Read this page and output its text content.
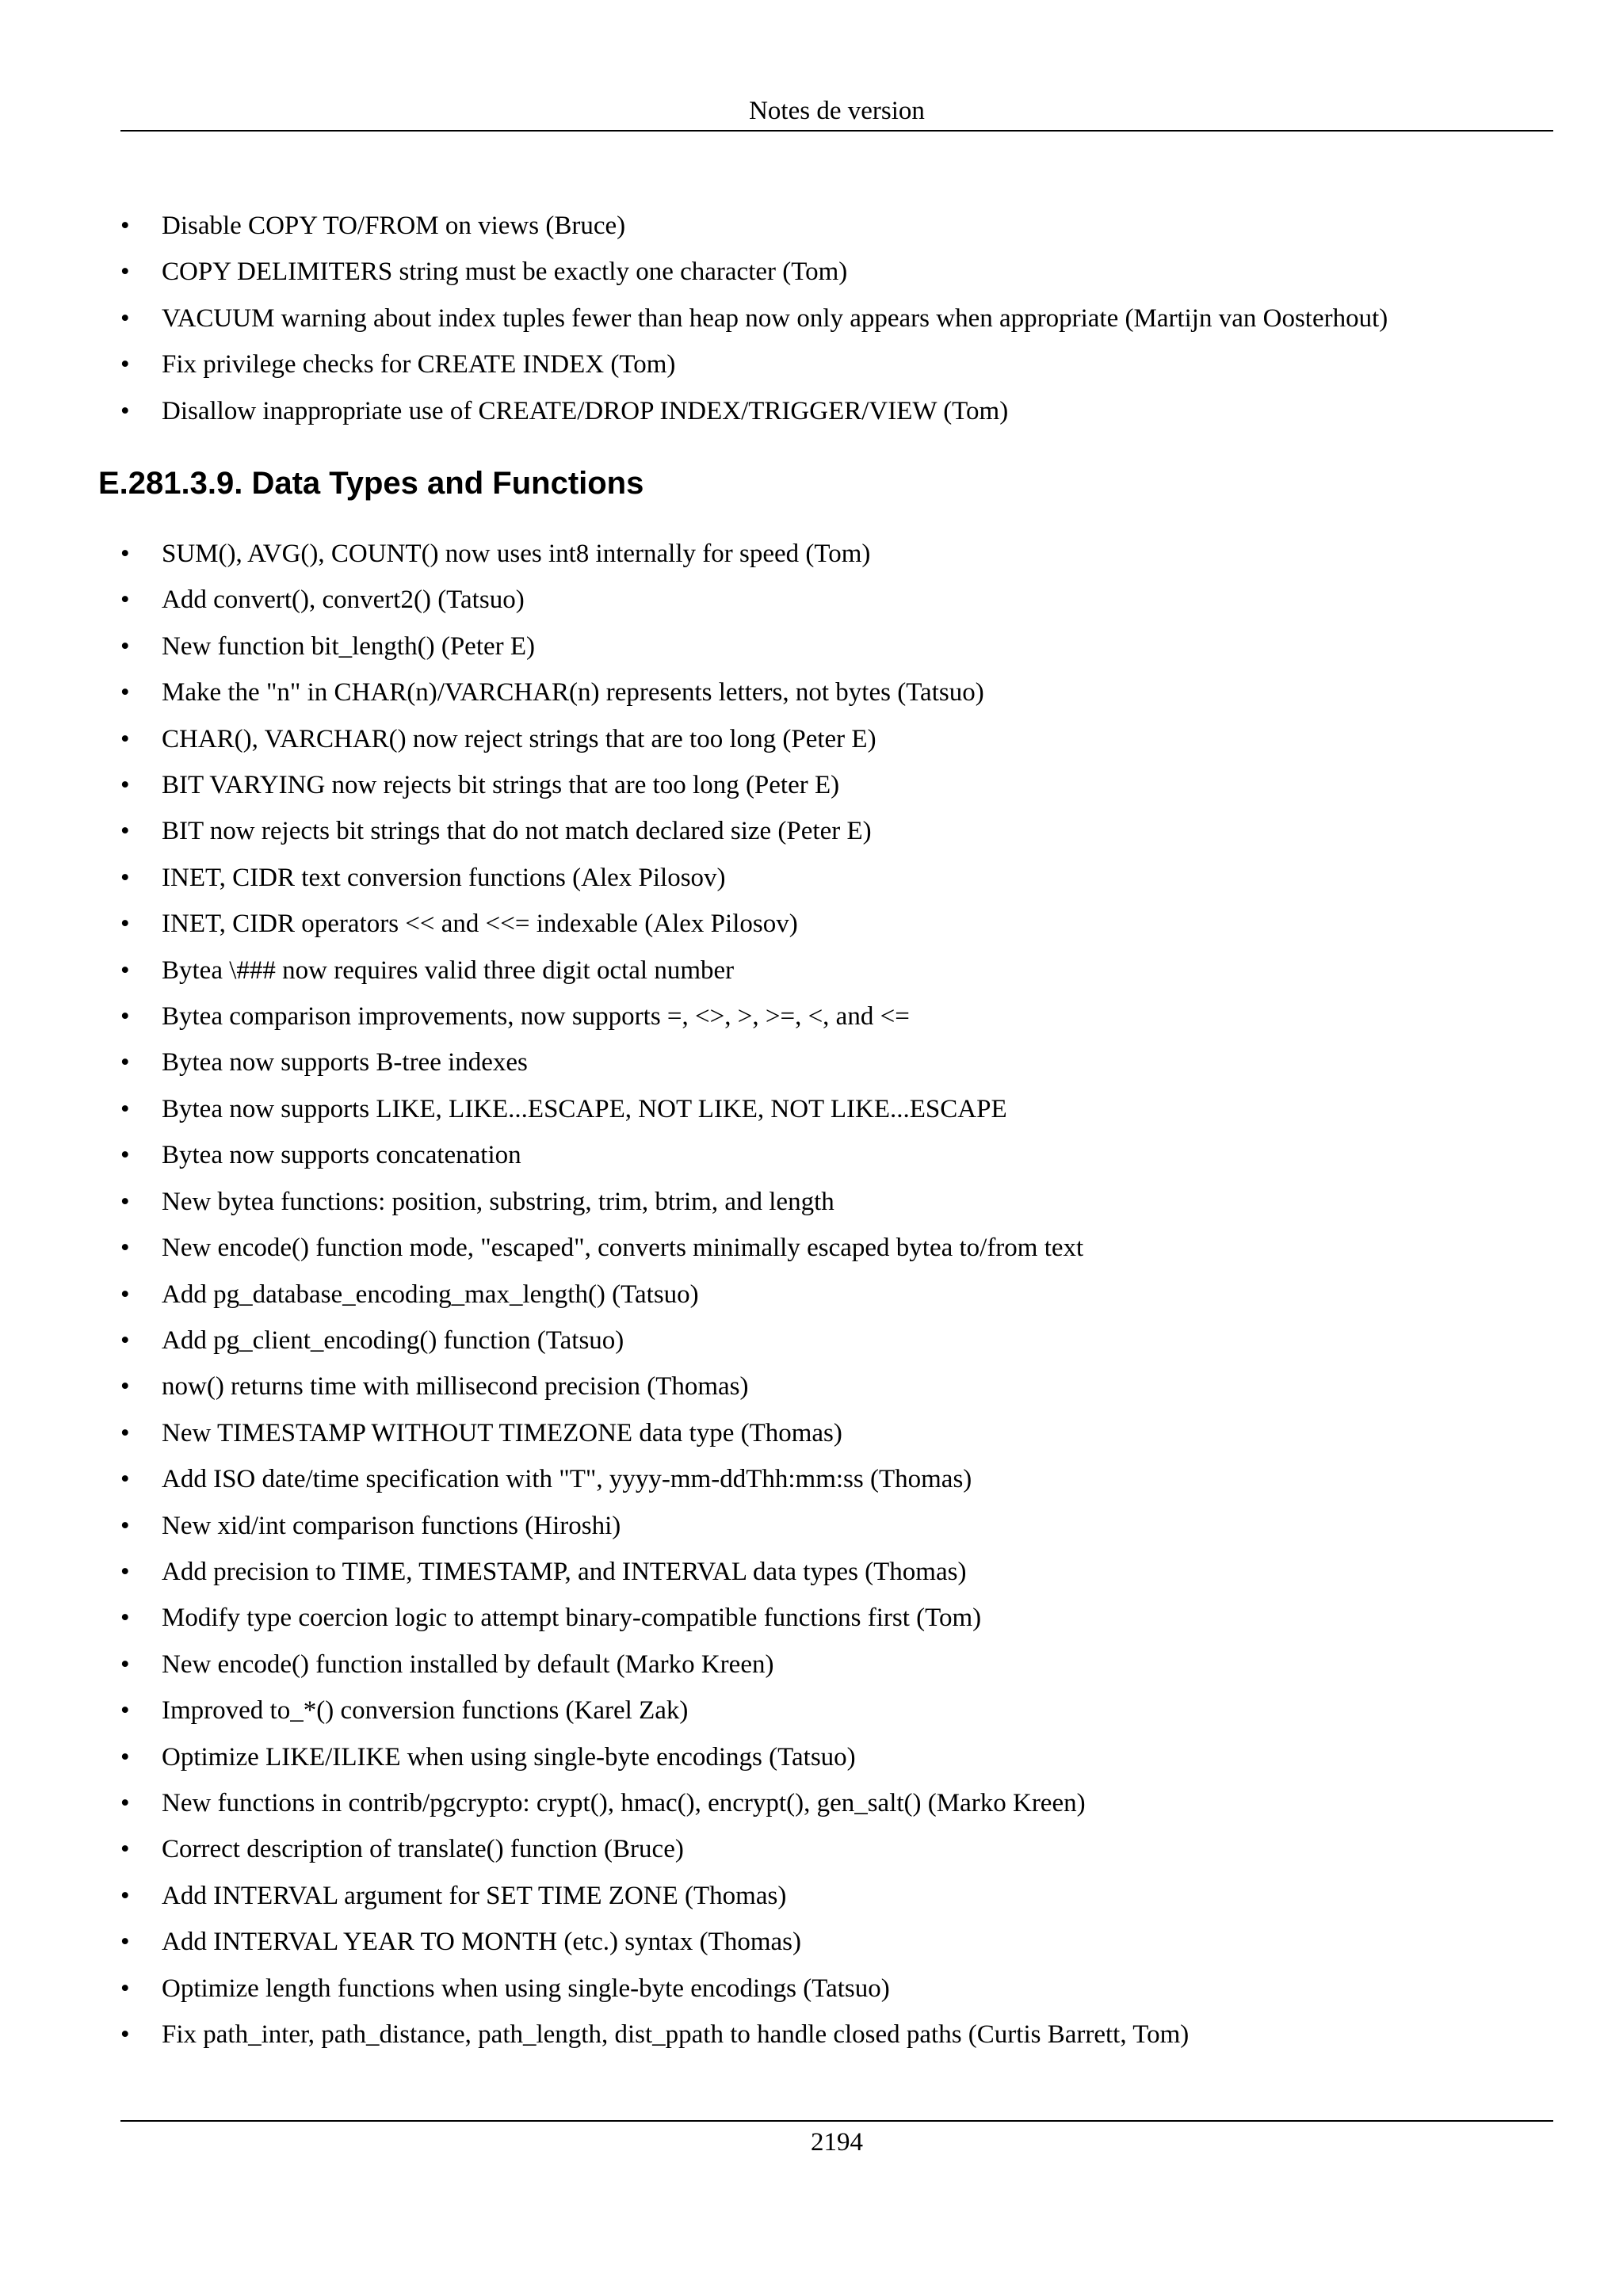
Notes de version
• Disable COPY TO/FROM on views (Bruce)
• COPY DELIMITERS string must be exactly one character (Tom)
• VACUUM warning about index tuples fewer than heap now only appears when appropriate (Martijn van Oosterhout)
• Fix privilege checks for CREATE INDEX (Tom)
• Disallow inappropriate use of CREATE/DROP INDEX/TRIGGER/VIEW (Tom)
E.281.3.9. Data Types and Functions
• SUM(), AVG(), COUNT() now uses int8 internally for speed (Tom)
• Add convert(), convert2() (Tatsuo)
• New function bit_length() (Peter E)
• Make the "n" in CHAR(n)/VARCHAR(n) represents letters, not bytes (Tatsuo)
• CHAR(), VARCHAR() now reject strings that are too long (Peter E)
• BIT VARYING now rejects bit strings that are too long (Peter E)
• BIT now rejects bit strings that do not match declared size (Peter E)
• INET, CIDR text conversion functions (Alex Pilosov)
• INET, CIDR operators << and <<= indexable (Alex Pilosov)
• Bytea \### now requires valid three digit octal number
• Bytea comparison improvements, now supports =, <>, >, >=, <, and <=
• Bytea now supports B-tree indexes
• Bytea now supports LIKE, LIKE...ESCAPE, NOT LIKE, NOT LIKE...ESCAPE
• Bytea now supports concatenation
• New bytea functions: position, substring, trim, btrim, and length
• New encode() function mode, "escaped", converts minimally escaped bytea to/from text
• Add pg_database_encoding_max_length() (Tatsuo)
• Add pg_client_encoding() function (Tatsuo)
• now() returns time with millisecond precision (Thomas)
• New TIMESTAMP WITHOUT TIMEZONE data type (Thomas)
• Add ISO date/time specification with "T", yyyy-mm-ddThh:mm:ss (Thomas)
• New xid/int comparison functions (Hiroshi)
• Add precision to TIME, TIMESTAMP, and INTERVAL data types (Thomas)
• Modify type coercion logic to attempt binary-compatible functions first (Tom)
• New encode() function installed by default (Marko Kreen)
• Improved to_*() conversion functions (Karel Zak)
• Optimize LIKE/ILIKE when using single-byte encodings (Tatsuo)
• New functions in contrib/pgcrypto: crypt(), hmac(), encrypt(), gen_salt() (Marko Kreen)
• Correct description of translate() function (Bruce)
• Add INTERVAL argument for SET TIME ZONE (Thomas)
• Add INTERVAL YEAR TO MONTH (etc.) syntax (Thomas)
• Optimize length functions when using single-byte encodings (Tatsuo)
• Fix path_inter, path_distance, path_length, dist_ppath to handle closed paths (Curtis Barrett, Tom)
2194
